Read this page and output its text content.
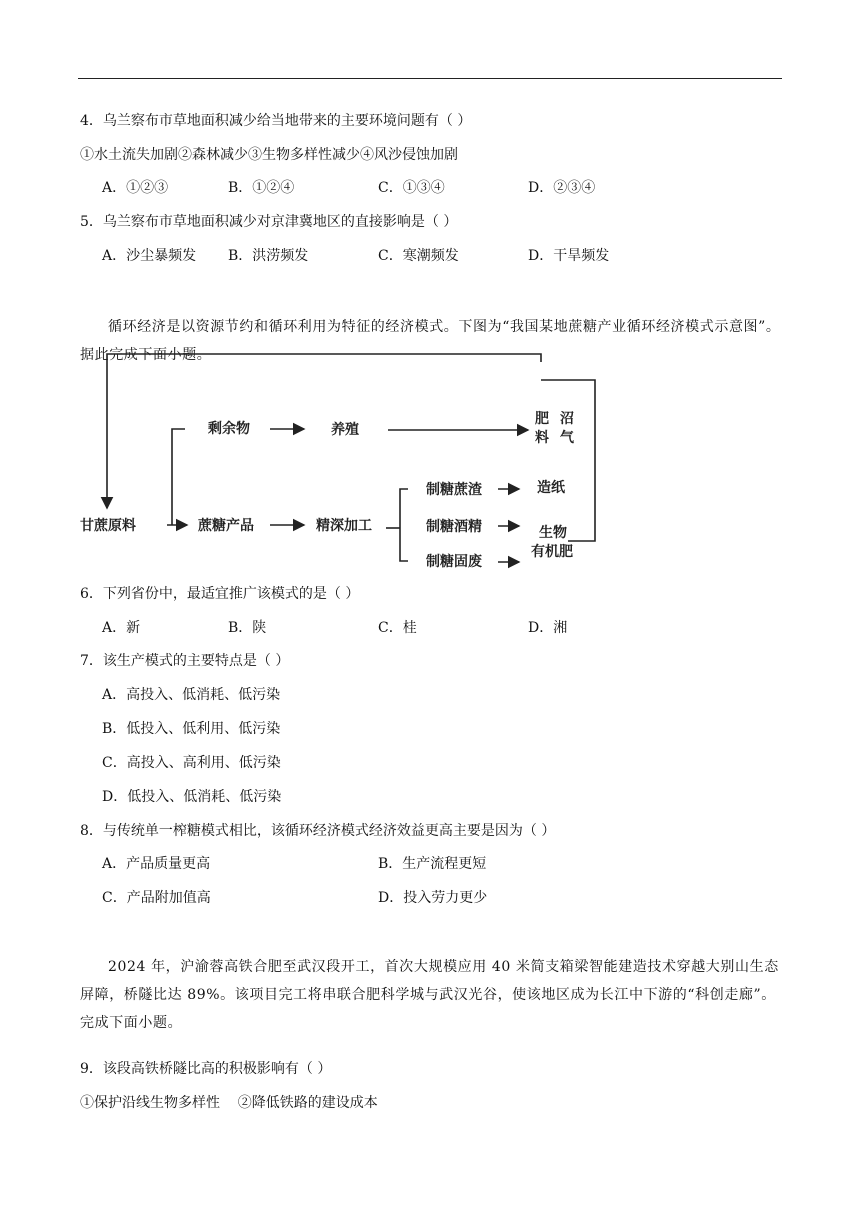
4．乌兰察布市草地面积减少给当地带来的主要环境问题有（ ）
①水土流失加剧②森林减少③生物多样性减少④风沙侵蚀加剧
A．①②③	B．①②④	C．①③④	D．②③④
5．乌兰察布市草地面积减少对京津冀地区的直接影响是（ ）
A．沙尘暴频发 B．洪涝频发	C．寒潮频发	D．干旱频发
循环经济是以资源节约和循环利用为特征的经济模式。下图为“我国某地蔗糖产业循环经济模式示意图”。据此完成下面小题。
甘蔗原料	蔗糖产品	精深加工
剩余物	养殖
肥 料
沼 气
制糖蔗渣
制糖酒精
制糖固废
造纸
生物
有机肥
6．下列省份中，最适宜推广该模式的是（ ）
A．新	B．陕	C．桂	D．湘
7．该生产模式的主要特点是（ ）
A．高投入、低消耗、低污染
B．低投入、低利用、低污染
C．高投入、高利用、低污染
D．低投入、低消耗、低污染
8．与传统单一榨糖模式相比，该循环经济模式经济效益更高主要是因为（ ）
A．产品质量更高	B．生产流程更短
C．产品附加值高	D．投入劳力更少
2024 年，沪渝蓉高铁合肥至武汉段开工，首次大规模应用 40 米简支箱梁智能建造技术穿越大别山生态屏障，桥隧比达 89%。该项目完工将串联合肥科学城与武汉光谷，使该地区成为长江中下游的“科创走廊”。完成下面小题。
9．该段高铁桥隧比高的积极影响有（ ）
①保护沿线生物多样性    ②降低铁路的建设成本
